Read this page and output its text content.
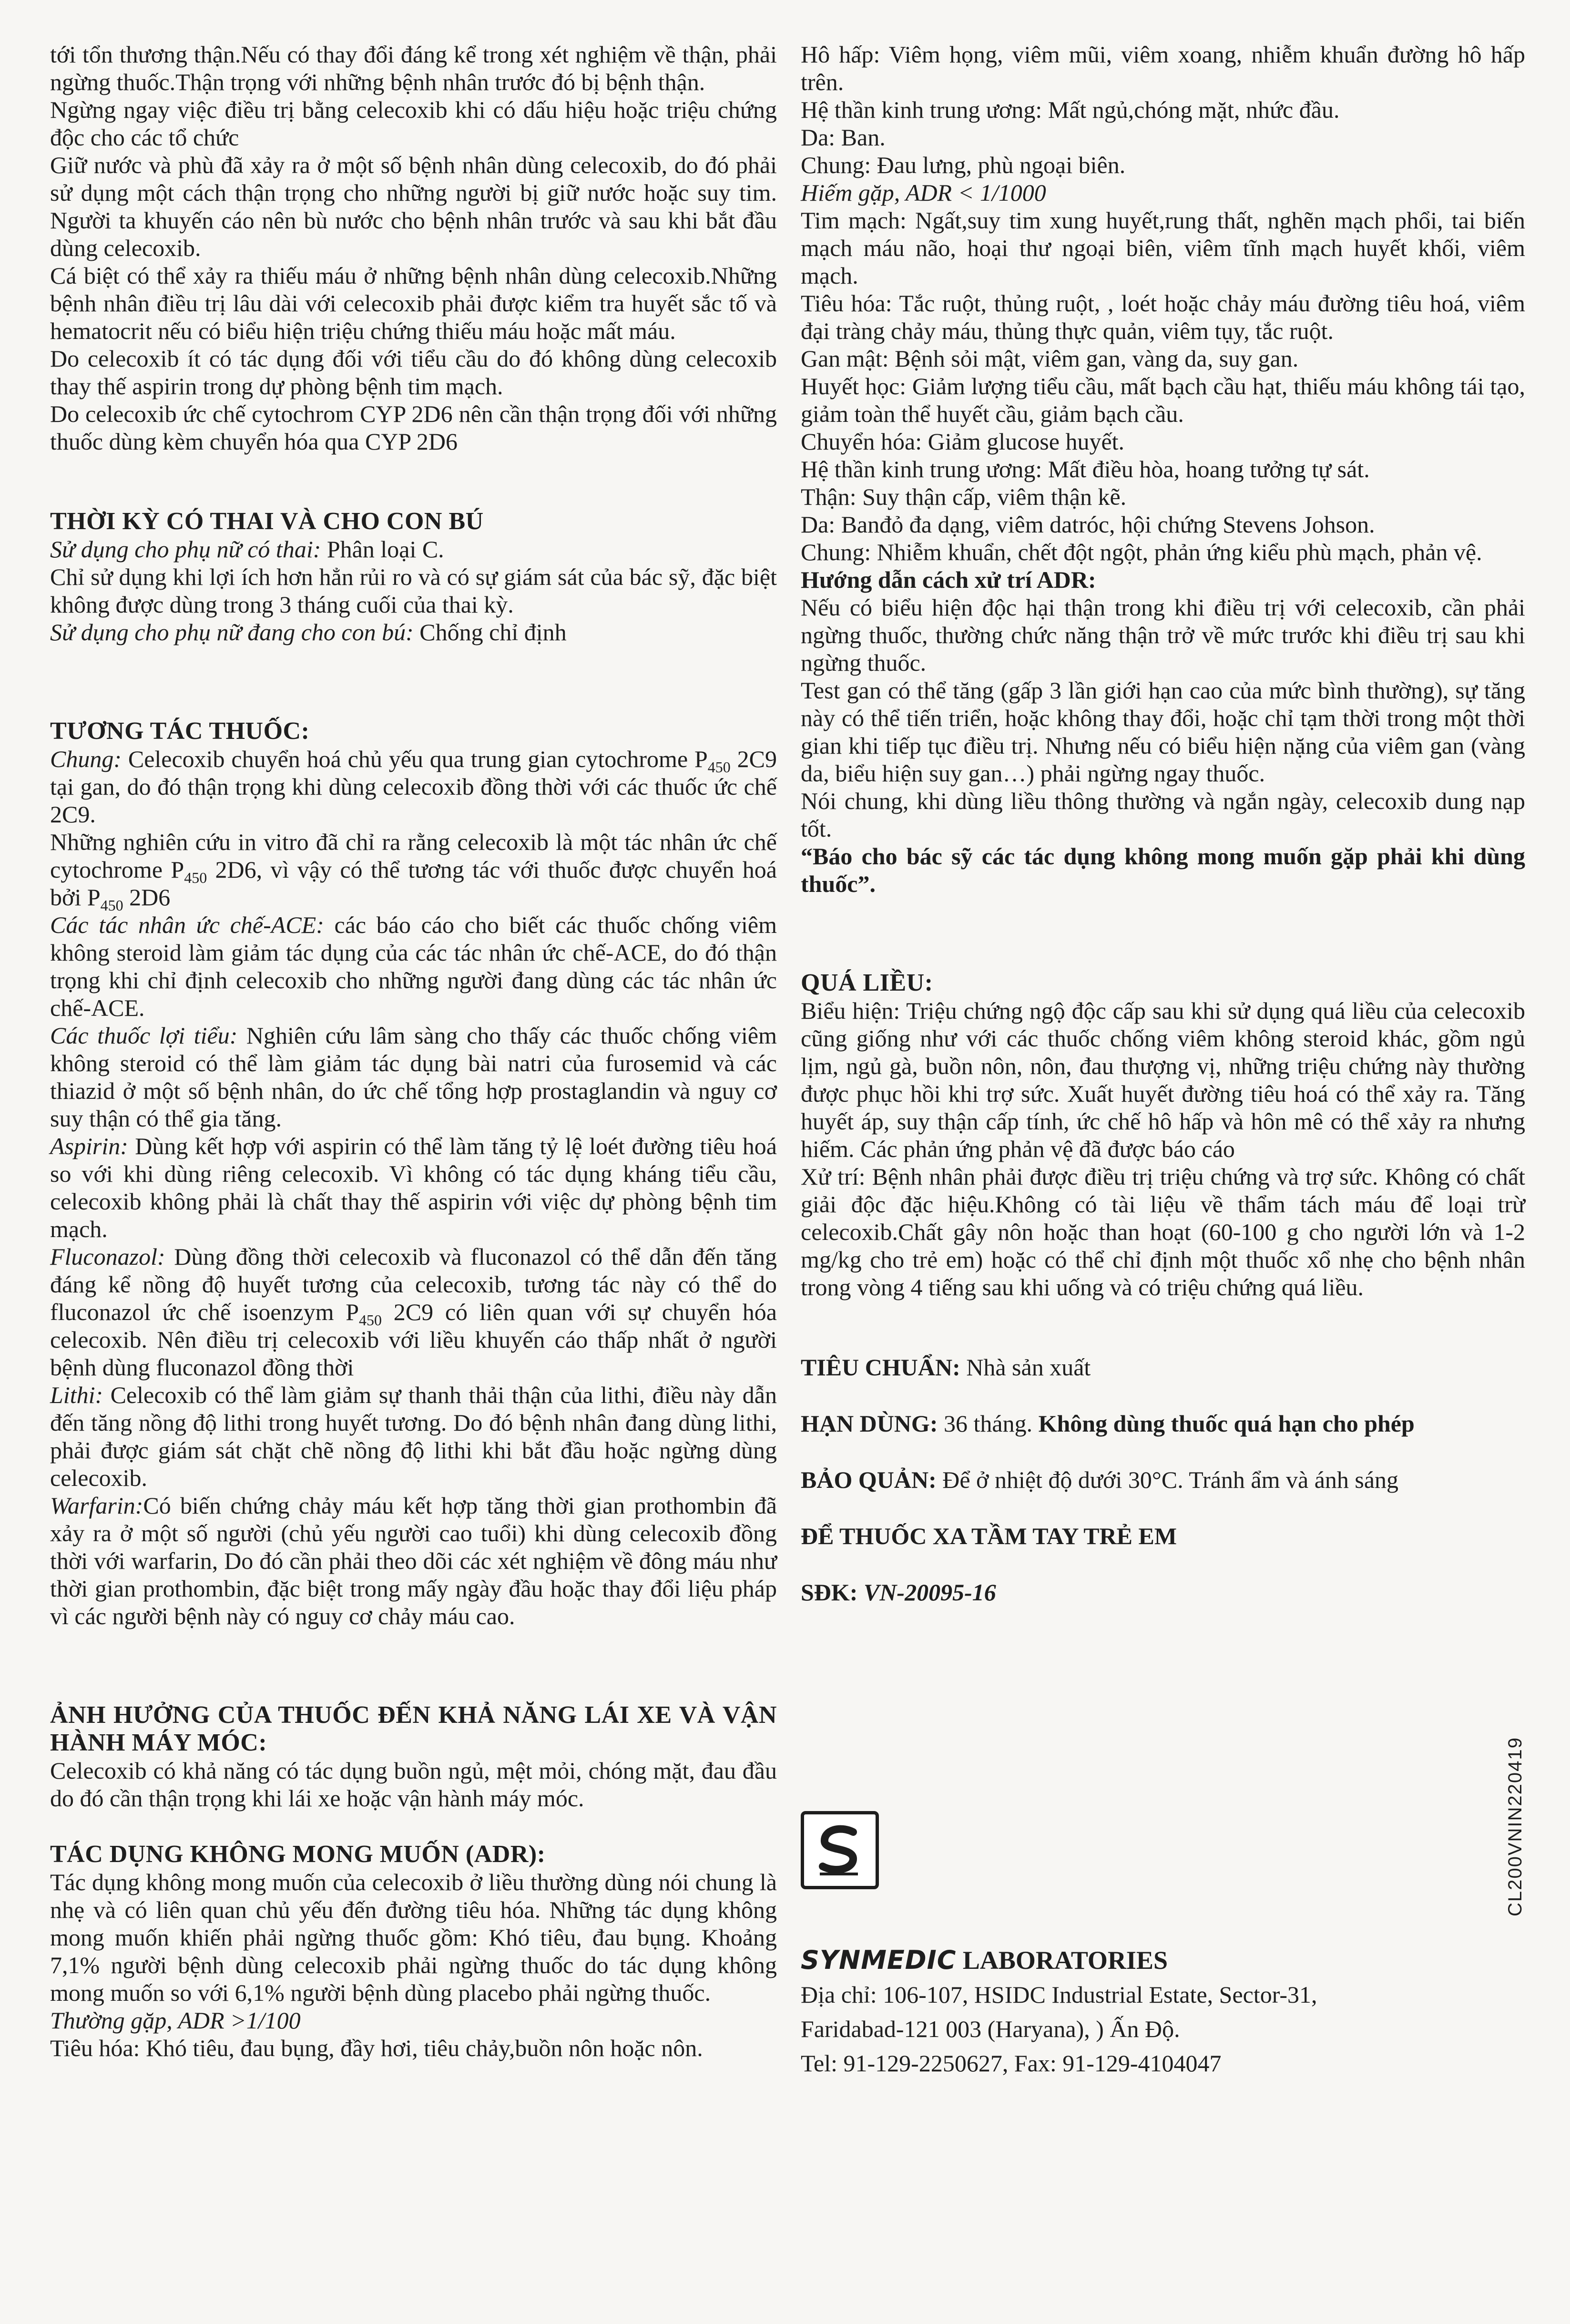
tới tổn thương thận.Nếu có thay đổi đáng kể trong xét nghiệm về thận, phải ngừng thuốc.Thận trọng với những bệnh nhân trước đó bị bệnh thận.

Ngừng ngay việc điều trị bằng celecoxib khi có dấu hiệu hoặc triệu chứng độc cho các tổ chức

Giữ nước và phù đã xảy ra ở một số bệnh nhân dùng celecoxib, do đó phải sử dụng một cách thận trọng cho những người bị giữ nước hoặc suy tim. Người ta khuyến cáo nên bù nước cho bệnh nhân trước và sau khi bắt đầu dùng celecoxib.

Cá biệt có thể xảy ra thiếu máu ở những bệnh nhân dùng celecoxib.Những bệnh nhân điều trị lâu dài với celecoxib phải được kiểm tra huyết sắc tố và hematocrit nếu có biểu hiện triệu chứng thiếu máu hoặc mất máu.

Do celecoxib ít có tác dụng đối với tiểu cầu do đó không dùng celecoxib thay thế aspirin trong dự phòng bệnh tim mạch.

Do celecoxib ức chế cytochrom CYP 2D6 nên cần thận trọng đối với những thuốc dùng kèm chuyển hóa qua CYP 2D6

THỜI KỲ CÓ THAI VÀ CHO CON BÚ

Sử dụng cho phụ nữ có thai: Phân loại C.

Chỉ sử dụng khi lợi ích hơn hẳn rủi ro và có sự giám sát của bác sỹ, đặc biệt không được dùng trong 3 tháng cuối của thai kỳ.

Sử dụng cho phụ nữ đang cho con bú: Chống chỉ định

TƯƠNG TÁC THUỐC:

Chung: Celecoxib chuyển hoá chủ yếu qua trung gian cytochrome $P_{450}$ 2C9 tại gan, do đó thận trọng khi dùng celecoxib đồng thời với các thuốc ức chế 2C9.

Những nghiên cứu in vitro đã chỉ ra rằng celecoxib là một tác nhân ức chế cytochrome $P_{450}$ 2D6, vì vậy có thể tương tác với thuốc được chuyển hoá bởi $P_{450}$ 2D6

Các tác nhân ức chế-ACE: các báo cáo cho biết các thuốc chống viêm không steroid làm giảm tác dụng của các tác nhân ức chế-ACE, do đó thận trọng khi chỉ định celecoxib cho những người đang dùng các tác nhân ức chế-ACE.

Các thuốc lợi tiểu: Nghiên cứu lâm sàng cho thấy các thuốc chống viêm không steroid có thể làm giảm tác dụng bài natri của furosemid và các thiazid ở một số bệnh nhân, do ức chế tổng hợp prostaglandin và nguy cơ suy thận có thể gia tăng.

Aspirin: Dùng kết hợp với aspirin có thể làm tăng tỷ lệ loét đường tiêu hoá so với khi dùng riêng celecoxib. Vì không có tác dụng kháng tiểu cầu, celecoxib không phải là chất thay thế aspirin với việc dự phòng bệnh tim mạch.

Fluconazol: Dùng đồng thời celecoxib và fluconazol có thể dẫn đến tăng đáng kể nồng độ huyết tương của celecoxib, tương tác này có thể do fluconazol ức chế isoenzym $P_{450}$ 2C9 có liên quan với sự chuyển hóa celecoxib. Nên điều trị celecoxib với liều khuyến cáo thấp nhất ở người bệnh dùng fluconazol đồng thời

Lithi: Celecoxib có thể làm giảm sự thanh thải thận của lithi, điều này dẫn đến tăng nồng độ lithi trong huyết tương. Do đó bệnh nhân đang dùng lithi, phải được giám sát chặt chẽ nồng độ lithi khi bắt đầu hoặc ngừng dùng celecoxib.

Warfarin:Có biến chứng chảy máu kết hợp tăng thời gian prothombin đã xảy ra ở một số người (chủ yếu người cao tuổi) khi dùng celecoxib đồng thời với warfarin, Do đó cần phải theo dõi các xét nghiệm về đông máu như thời gian prothombin, đặc biệt trong mấy ngày đầu hoặc thay đổi liệu pháp vì các người bệnh này có nguy cơ chảy máu cao.

ẢNH HƯỞNG CỦA THUỐC ĐẾN KHẢ NĂNG LÁI XE VÀ VẬN HÀNH MÁY MÓC:

Celecoxib có khả năng có tác dụng buồn ngủ, mệt mỏi, chóng mặt, đau đầu do đó cần thận trọng khi lái xe hoặc vận hành máy móc.

TÁC DỤNG KHÔNG MONG MUỐN (ADR):

Tác dụng không mong muốn của celecoxib ở liều thường dùng nói chung là nhẹ và có liên quan chủ yếu đến đường tiêu hóa. Những tác dụng không mong muốn khiến phải ngừng thuốc gồm: Khó tiêu, đau bụng. Khoảng 7,1% người bệnh dùng celecoxib phải ngừng thuốc do tác dụng không mong muốn so với 6,1% người bệnh dùng placebo phải ngừng thuốc.

Thường gặp, ADR >1/100

Tiêu hóa: Khó tiêu, đau bụng, đầy hơi, tiêu chảy,buồn nôn hoặc nôn.

Hô hấp: Viêm họng, viêm mũi, viêm xoang, nhiễm khuẩn đường hô hấp trên.

Hệ thần kinh trung ương: Mất ngủ,chóng mặt, nhức đầu.

Da: Ban.

Chung: Đau lưng, phù ngoại biên.

Hiếm gặp, ADR < 1/1000

Tim mạch: Ngất,suy tim xung huyết,rung thất, nghẽn mạch phổi, tai biến mạch máu não, hoại thư ngoại biên, viêm tĩnh mạch huyết khối, viêm mạch.

Tiêu hóa: Tắc ruột, thủng ruột, , loét hoặc chảy máu đường tiêu hoá, viêm đại tràng chảy máu, thủng thực quản, viêm tụy, tắc ruột.

Gan mật: Bệnh sỏi mật, viêm gan, vàng da, suy gan.

Huyết học: Giảm lượng tiểu cầu, mất bạch cầu hạt, thiếu máu không tái tạo, giảm toàn thể huyết cầu, giảm bạch cầu.

Chuyển hóa: Giảm glucose huyết.

Hệ thần kinh trung ương: Mất điều hòa, hoang tưởng tự sát.

Thận: Suy thận cấp, viêm thận kẽ.

Da: Banđỏ đa dạng, viêm datróc, hội chứng Stevens Johson.

Chung: Nhiễm khuẩn, chết đột ngột, phản ứng kiểu phù mạch, phản vệ.

Hướng dẫn cách xử trí ADR:

Nếu có biểu hiện độc hại thận trong khi điều trị với celecoxib, cần phải ngừng thuốc, thường chức năng thận trở về mức trước khi điều trị sau khi ngừng thuốc.

Test gan có thể tăng (gấp 3 lần giới hạn cao của mức bình thường), sự tăng này có thể tiến triển, hoặc không thay đổi, hoặc chỉ tạm thời trong một thời gian khi tiếp tục điều trị. Nhưng nếu có biểu hiện nặng của viêm gan (vàng da, biểu hiện suy gan…) phải ngừng ngay thuốc.

Nói chung, khi dùng liều thông thường và ngắn ngày, celecoxib dung nạp tốt.

“Báo cho bác sỹ các tác dụng không mong muốn gặp phải khi dùng thuốc”.

QUÁ LIỀU:

Biểu hiện: Triệu chứng ngộ độc cấp sau khi sử dụng quá liều của celecoxib cũng giống như với các thuốc chống viêm không steroid khác, gồm ngủ lịm, ngủ gà, buồn nôn, nôn, đau thượng vị, những triệu chứng này thường được phục hồi khi trợ sức. Xuất huyết đường tiêu hoá có thể xảy ra. Tăng huyết áp, suy thận cấp tính, ức chế hô hấp và hôn mê có thể xảy ra nhưng hiếm. Các phản ứng phản vệ đã được báo cáo

Xử trí: Bệnh nhân phải được điều trị triệu chứng và trợ sức. Không có chất giải độc đặc hiệu.Không có tài liệu về thẩm tách máu để loại trừ celecoxib.Chất gây nôn hoặc than hoạt (60-100 g cho người lớn và 1-2 mg/kg cho trẻ em) hoặc có thể chỉ định một thuốc xổ nhẹ cho bệnh nhân trong vòng 4 tiếng sau khi uống và có triệu chứng quá liều.

TIÊU CHUẨN: Nhà sản xuất

HẠN DÙNG: 36 tháng. Không dùng thuốc quá hạn cho phép

BẢO QUẢN: Để ở nhiệt độ dưới 30°C. Tránh ẩm và ánh sáng

ĐỂ THUỐC XA TẦM TAY TRẺ EM

SĐK: VN-20095-16

SYNMEDIC LABORATORIES

Địa chỉ: 106-107, HSIDC Industrial Estate, Sector-31,

Faridabad-121 003 (Haryana), ) Ấn Độ.

Tel: 91-129-2250627, Fax: 91-129-4104047

CL200VNIN220419
